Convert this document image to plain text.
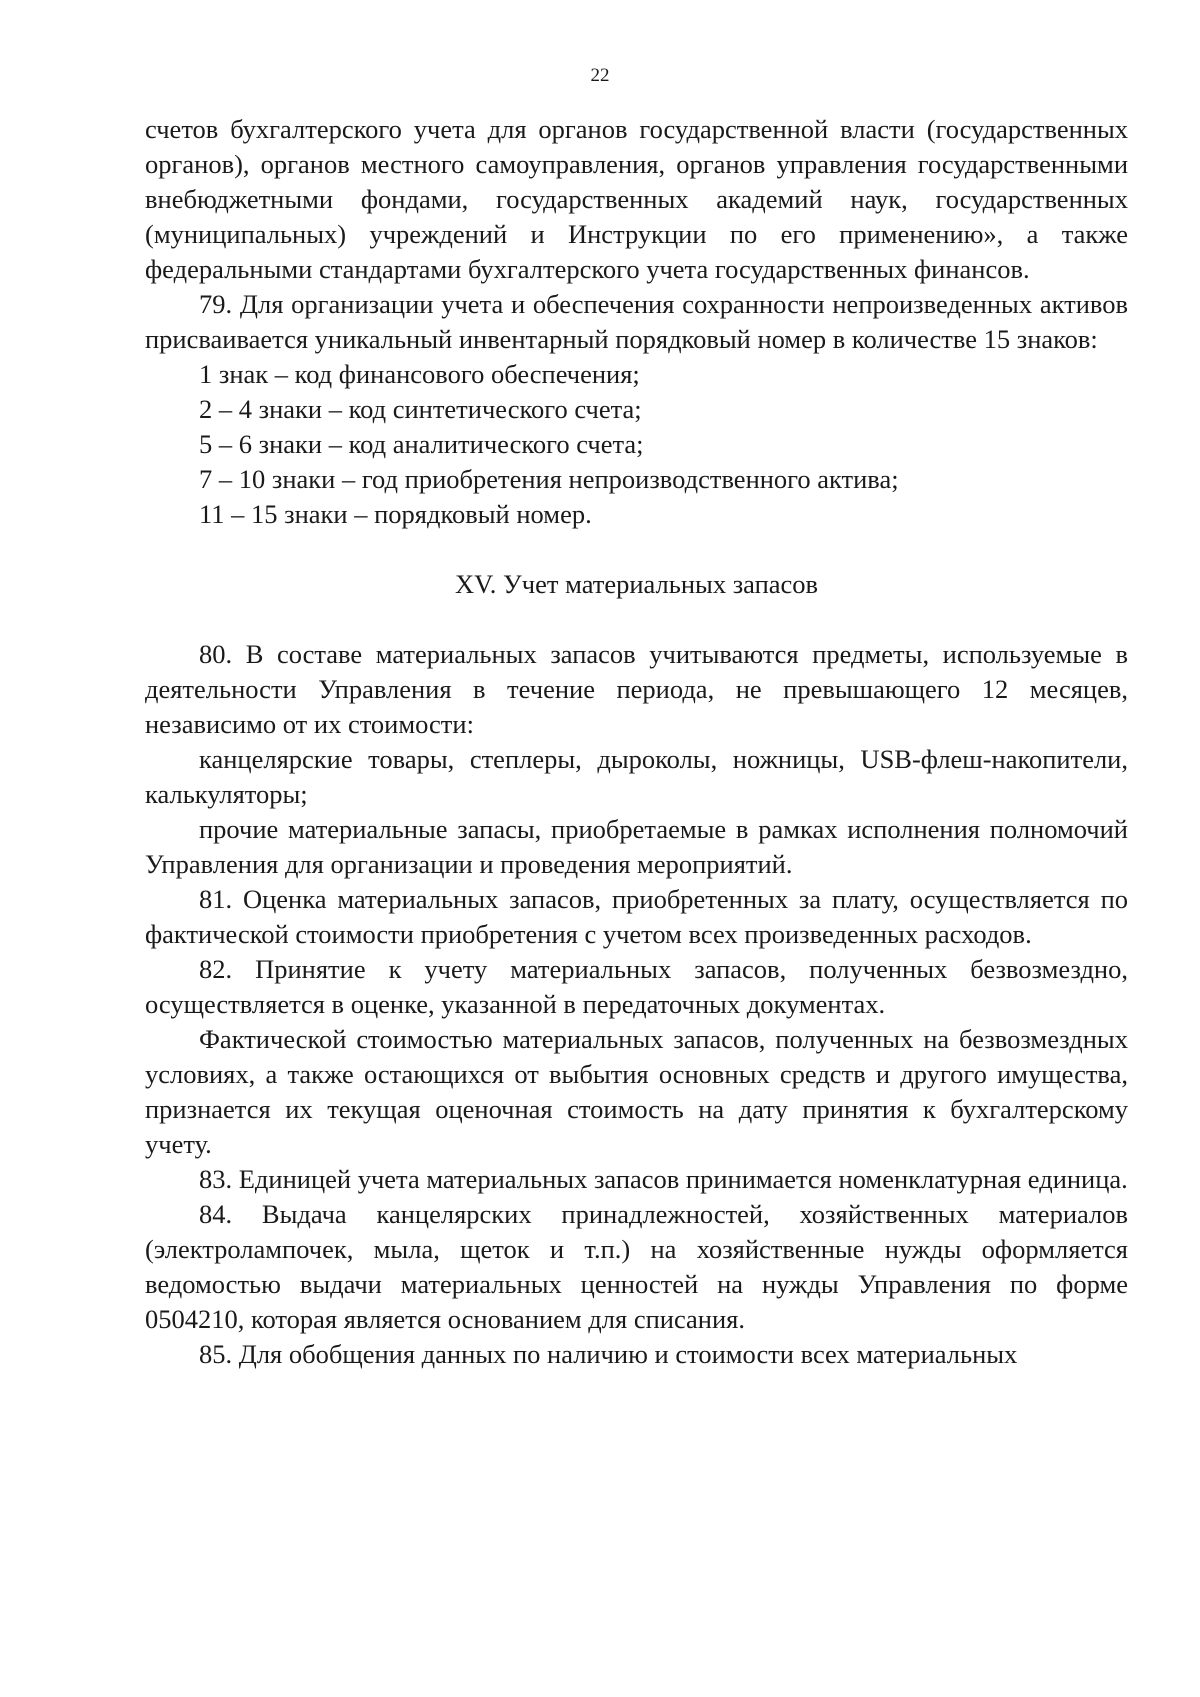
22

счетов бухгалтерского учета для органов государственной власти (государственных органов), органов местного самоуправления, органов управления государственными внебюджетными фондами, государственных академий наук, государственных (муниципальных) учреждений и Инструкции по его применению», а также федеральными стандартами бухгалтерского учета государственных финансов.

79. Для организации учета и обеспечения сохранности непроизведенных активов присваивается уникальный инвентарный порядковый номер в количестве 15 знаков:

1 знак – код финансового обеспечения;

2 – 4 знаки – код синтетического счета;

5 – 6 знаки – код аналитического счета;

7 – 10 знаки – год приобретения непроизводственного актива;

11 – 15 знаки – порядковый номер.

XV. Учет материальных запасов

80. В составе материальных запасов учитываются предметы, используемые в деятельности Управления в течение периода, не превышающего 12 месяцев, независимо от их стоимости:

канцелярские товары, степлеры, дыроколы, ножницы, USB-флеш-накопители, калькуляторы;

прочие материальные запасы, приобретаемые в рамках исполнения полномочий Управления для организации и проведения мероприятий.

81. Оценка материальных запасов, приобретенных за плату, осуществляется по фактической стоимости приобретения с учетом всех произведенных расходов.

82. Принятие к учету материальных запасов, полученных безвозмездно, осуществляется в оценке, указанной в передаточных документах.

Фактической стоимостью материальных запасов, полученных на безвозмездных условиях, а также остающихся от выбытия основных средств и другого имущества, признается их текущая оценочная стоимость на дату принятия к бухгалтерскому учету.

83. Единицей учета материальных запасов принимается номенклатурная единица.

84. Выдача канцелярских принадлежностей, хозяйственных материалов (электролампочек, мыла, щеток и т.п.) на хозяйственные нужды оформляется ведомостью выдачи материальных ценностей на нужды Управления по форме 0504210, которая является основанием для списания.

85. Для обобщения данных по наличию и стоимости всех материальных
